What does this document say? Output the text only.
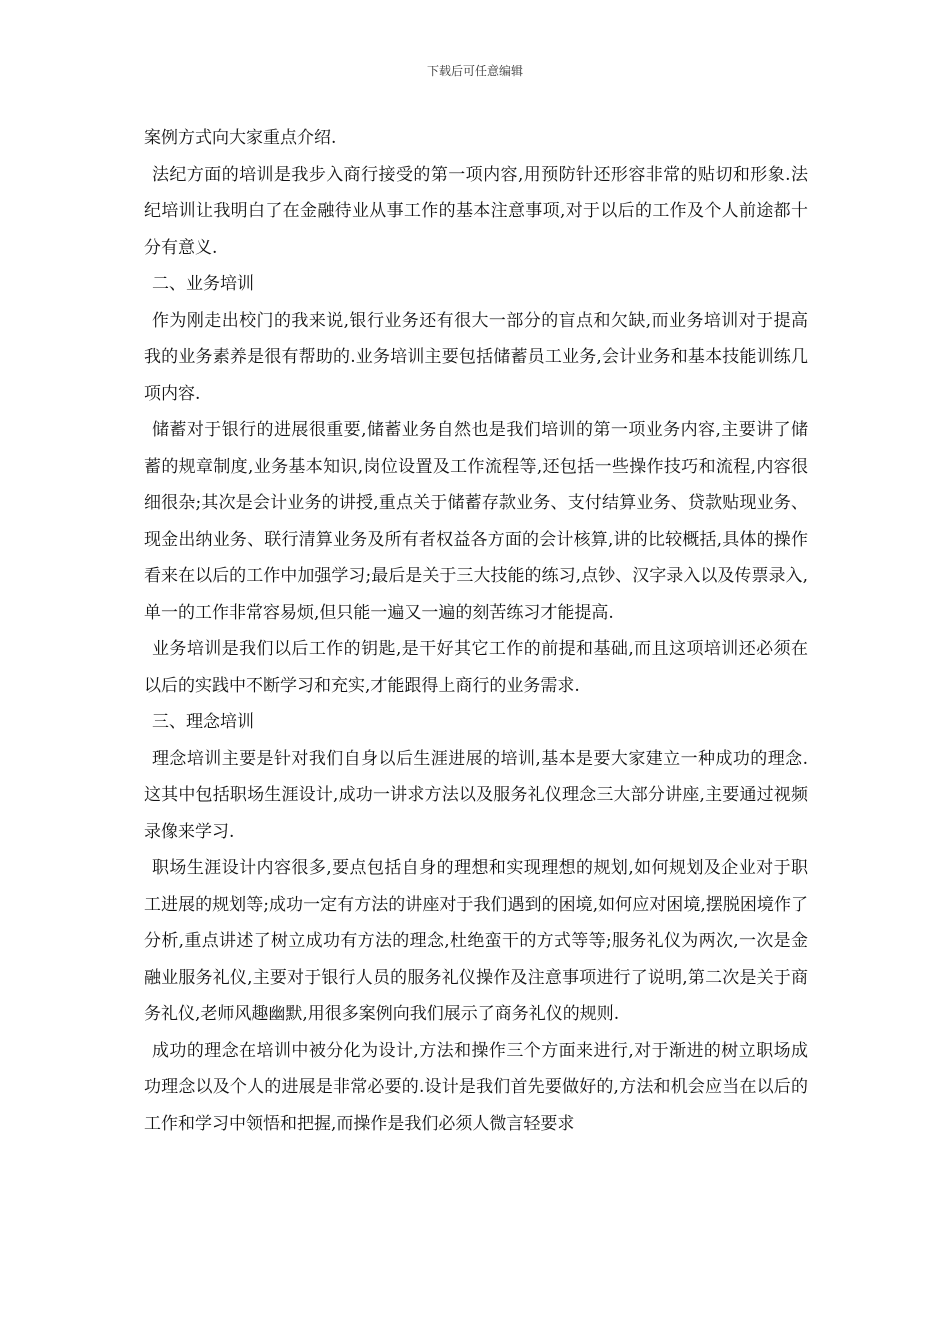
下载后可任意编辑

案例方式向大家重点介绍.

法纪方面的培训是我步入商行接受的第一项内容,用预防针还形容非常的贴切和形象.法纪培训让我明白了在金融待业从事工作的基本注意事项,对于以后的工作及个人前途都十分有意义.

二、业务培训

作为刚走出校门的我来说,银行业务还有很大一部分的盲点和欠缺,而业务培训对于提高我的业务素养是很有帮助的.业务培训主要包括储蓄员工业务,会计业务和基本技能训练几项内容.

储蓄对于银行的进展很重要,储蓄业务自然也是我们培训的第一项业务内容,主要讲了储蓄的规章制度,业务基本知识,岗位设置及工作流程等,还包括一些操作技巧和流程,内容很细很杂;其次是会计业务的讲授,重点关于储蓄存款业务、支付结算业务、贷款贴现业务、现金出纳业务、联行清算业务及所有者权益各方面的会计核算,讲的比较概括,具体的操作看来在以后的工作中加强学习;最后是关于三大技能的练习,点钞、汉字录入以及传票录入,单一的工作非常容易烦,但只能一遍又一遍的刻苦练习才能提高.

业务培训是我们以后工作的钥匙,是干好其它工作的前提和基础,而且这项培训还必须在以后的实践中不断学习和充实,才能跟得上商行的业务需求.

三、理念培训

理念培训主要是针对我们自身以后生涯进展的培训,基本是要大家建立一种成功的理念.这其中包括职场生涯设计,成功一讲求方法以及服务礼仪理念三大部分讲座,主要通过视频录像来学习.

职场生涯设计内容很多,要点包括自身的理想和实现理想的规划,如何规划及企业对于职工进展的规划等;成功一定有方法的讲座对于我们遇到的困境,如何应对困境,摆脱困境作了分析,重点讲述了树立成功有方法的理念,杜绝蛮干的方式等等;服务礼仪为两次,一次是金融业服务礼仪,主要对于银行人员的服务礼仪操作及注意事项进行了说明,第二次是关于商务礼仪,老师风趣幽默,用很多案例向我们展示了商务礼仪的规则.

成功的理念在培训中被分化为设计,方法和操作三个方面来进行,对于渐进的树立职场成功理念以及个人的进展是非常必要的.设计是我们首先要做好的,方法和机会应当在以后的工作和学习中领悟和把握,而操作是我们必须人微言轻要求
